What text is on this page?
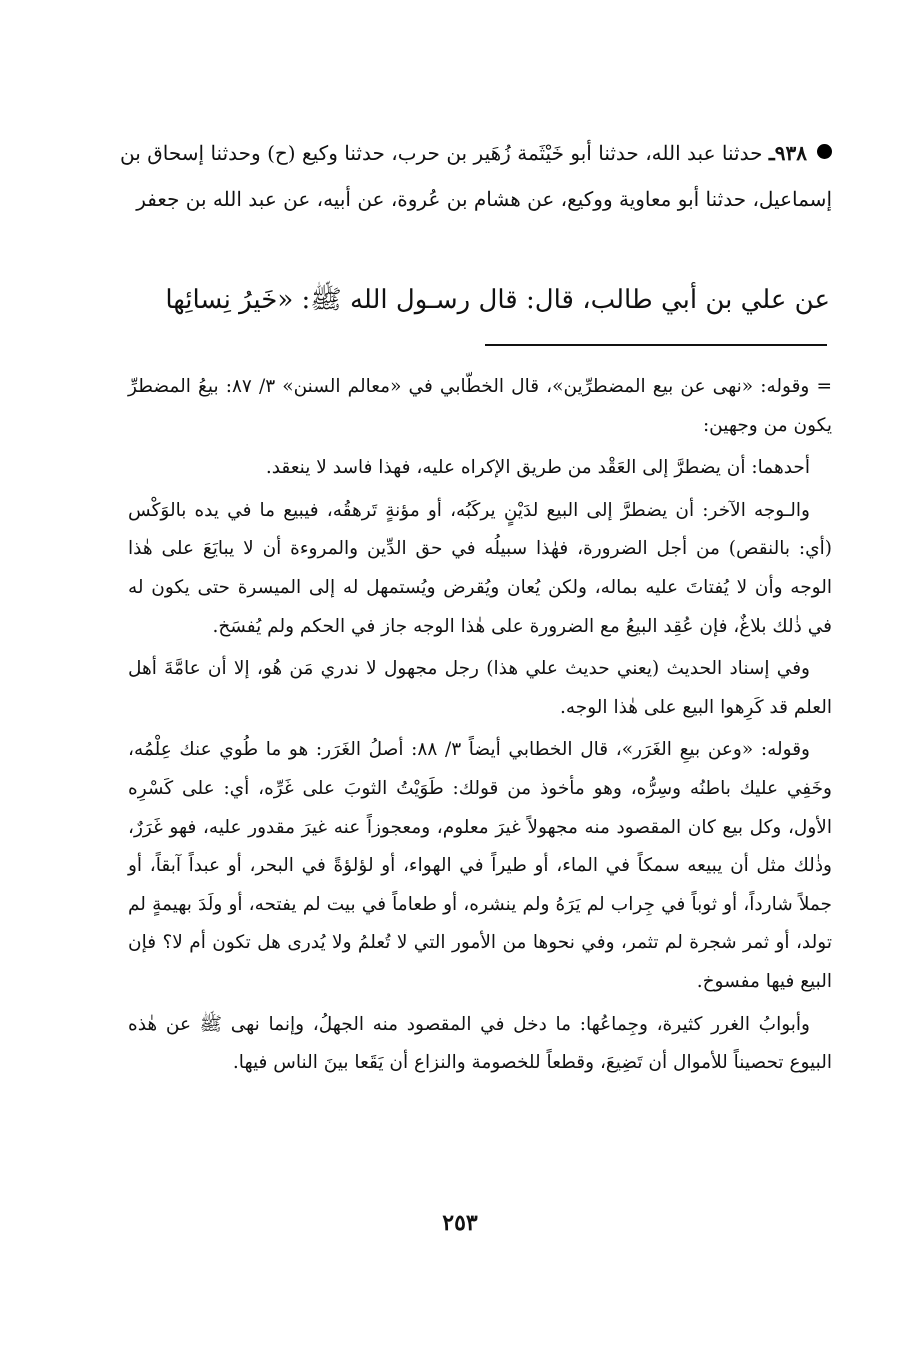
٩٣٨ـ حدثنا عبد الله، حدثنا أبو خَيْثَمة زُهَير بن حرب، حدثنا وكيع (ح) وحدثنا إسحاق بن إسماعيل، حدثنا أبو معاوية ووكيع، عن هشام بن عُروة، عن أبيه، عن عبد الله بن جعفر
عن علي بن أبي طالب، قال: قال رسـول الله ﷺ: «خَيرُ نِسائِها

= وقوله: «نهى عن بيع المضطرِّين»، قال الخطّابي في «معالم السنن» ٣/ ٨٧: بيعُ المضطرِّ يكون من وجهين:

أحدهما: أن يضطرَّ إلى العَقْد من طريق الإكراه عليه، فهذا فاسد لا ينعقد.

والـوجه الآخر: أن يضطرَّ إلى البيع لدَيْنٍ يركَبُه، أو مؤنةٍ تَرهقُه، فيبيع ما في يده بالوَكْس (أي: بالنقص) من أجل الضرورة، فهٰذا سبيلُه في حق الدِّين والمروءة أن لا يبايَعَ على هٰذا الوجه وأن لا يُفتاتَ عليه بماله، ولكن يُعان ويُقرض ويُستمهل له إلى الميسرة حتى يكون له في ذٰلك بلاغٌ، فإن عُقِد البيعُ مع الضرورة على هٰذا الوجه جاز في الحكم ولم يُفسَخ.

وفي إسناد الحديث (يعني حديث علي هذا) رجل مجهول لا ندري مَن هُو، إلا أن عامَّةَ أهل العلم قد كَرِهوا البيع على هٰذا الوجه.

وقوله: «وعن بيعِ الغَرَر»، قال الخطابي أيضاً ٣/ ٨٨: أصلُ الغَرَر: هو ما طُوي عنك عِلْمُه، وخَفِي عليك باطنُه وسِرُّه، وهو مأخوذ من قولك: طَوَيْتُ الثوبَ على غَرِّه، أي: على كَسْرِه الأول، وكل بيع كان المقصود منه مجهولاً غيرَ معلوم، ومعجوزاً عنه غيرَ مقدور عليه، فهو غَرَرٌ، وذٰلك مثل أن يبيعه سمكاً في الماء، أو طيراً في الهواء، أو لؤلؤةً في البحر، أو عبداً آبقاً، أو جملاً شارداً، أو ثوباً في جِراب لم يَرَهُ ولم ينشره، أو طعاماً في بيت لم يفتحه، أو ولَدَ بهيمةٍ لم تولد، أو ثمر شجرة لم تثمر، وفي نحوها من الأمور التي لا تُعلمُ ولا يُدرى هل تكون أم لا؟ فإن البيع فيها مفسوخ.

وأبوابُ الغرر كثيرة، وجِماعُها: ما دخل في المقصود منه الجهلُ، وإنما نهى ﷺ عن هٰذه البيوع تحصيناً للأموال أن تَضِيعَ، وقطعاً للخصومة والنزاع أن يَقَعا بينَ الناس فيها.

٢٥٣
